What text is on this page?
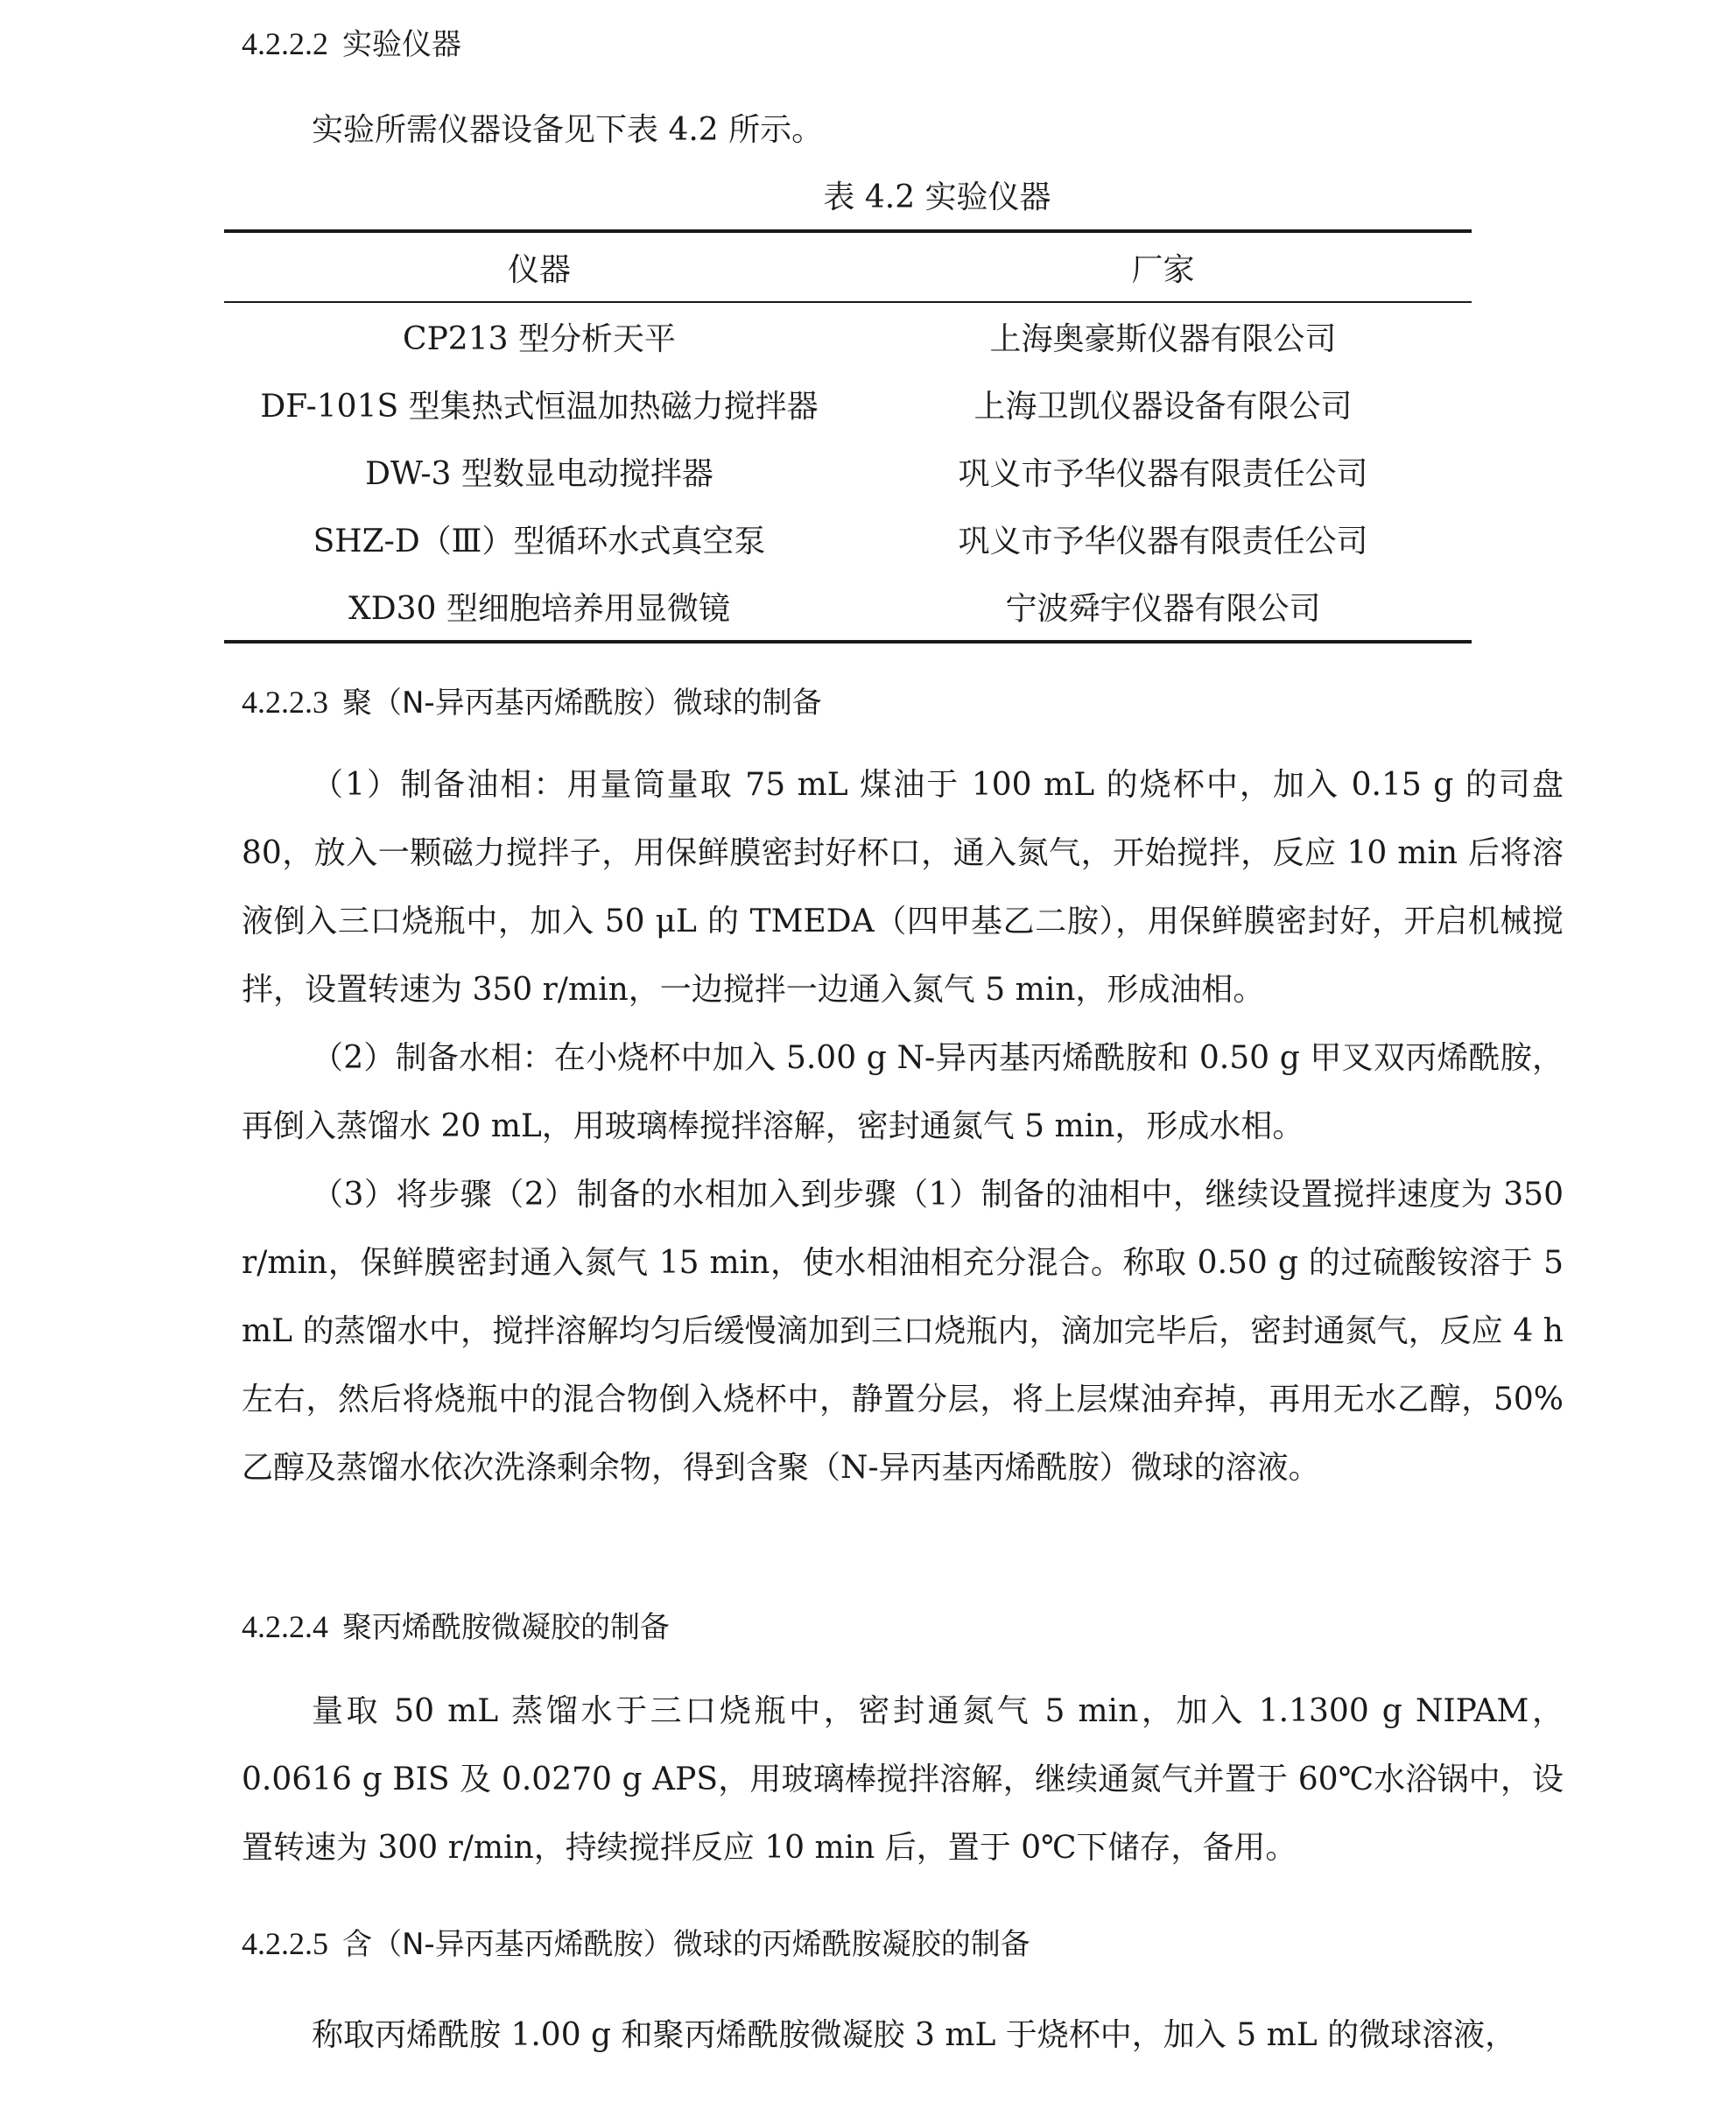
4.2.2.2 实验仪器

实验所需仪器设备见下表 4.2 所示。

表 4.2 实验仪器
仪器	厂家
CP213 型分析天平	上海奥豪斯仪器有限公司
DF-101S 型集热式恒温加热磁力搅拌器	上海卫凯仪器设备有限公司
DW-3 型数显电动搅拌器	巩义市予华仪器有限责任公司
SHZ-D（Ⅲ）型循环水式真空泵	巩义市予华仪器有限责任公司
XD30 型细胞培养用显微镜	宁波舜宇仪器有限公司
4.2.2.3 聚（N-异丙基丙烯酰胺）微球的制备

（1）制备油相：用量筒量取 75 mL 煤油于 100 mL 的烧杯中，加入 0.15 g 的司盘 80，放入一颗磁力搅拌子，用保鲜膜密封好杯口，通入氮气，开始搅拌，反应 10 min 后将溶液倒入三口烧瓶中，加入 50 μL 的 TMEDA（四甲基乙二胺），用保鲜膜密封好，开启机械搅拌，设置转速为 350 r/min，一边搅拌一边通入氮气 5 min，形成油相。

（2）制备水相：在小烧杯中加入 5.00 g N-异丙基丙烯酰胺和 0.50 g 甲叉双丙烯酰胺，再倒入蒸馏水 20 mL，用玻璃棒搅拌溶解，密封通氮气 5 min，形成水相。

（3）将步骤（2）制备的水相加入到步骤（1）制备的油相中，继续设置搅拌速度为 350 r/min，保鲜膜密封通入氮气 15 min，使水相油相充分混合。称取 0.50 g 的过硫酸铵溶于 5 mL 的蒸馏水中，搅拌溶解均匀后缓慢滴加到三口烧瓶内，滴加完毕后，密封通氮气，反应 4 h 左右，然后将烧瓶中的混合物倒入烧杯中，静置分层，将上层煤油弃掉，再用无水乙醇，50%乙醇及蒸馏水依次洗涤剩余物，得到含聚（N-异丙基丙烯酰胺）微球的溶液。

4.2.2.4 聚丙烯酰胺微凝胶的制备

量取 50 mL 蒸馏水于三口烧瓶中，密封通氮气 5 min，加入 1.1300 g NIPAM，0.0616 g BIS 及 0.0270 g APS，用玻璃棒搅拌溶解，继续通氮气并置于 60℃水浴锅中，设置转速为 300 r/min，持续搅拌反应 10 min 后，置于 0℃下储存，备用。

4.2.2.5 含（N-异丙基丙烯酰胺）微球的丙烯酰胺凝胶的制备

称取丙烯酰胺 1.00 g 和聚丙烯酰胺微凝胶 3 mL 于烧杯中，加入 5 mL 的微球溶液，
